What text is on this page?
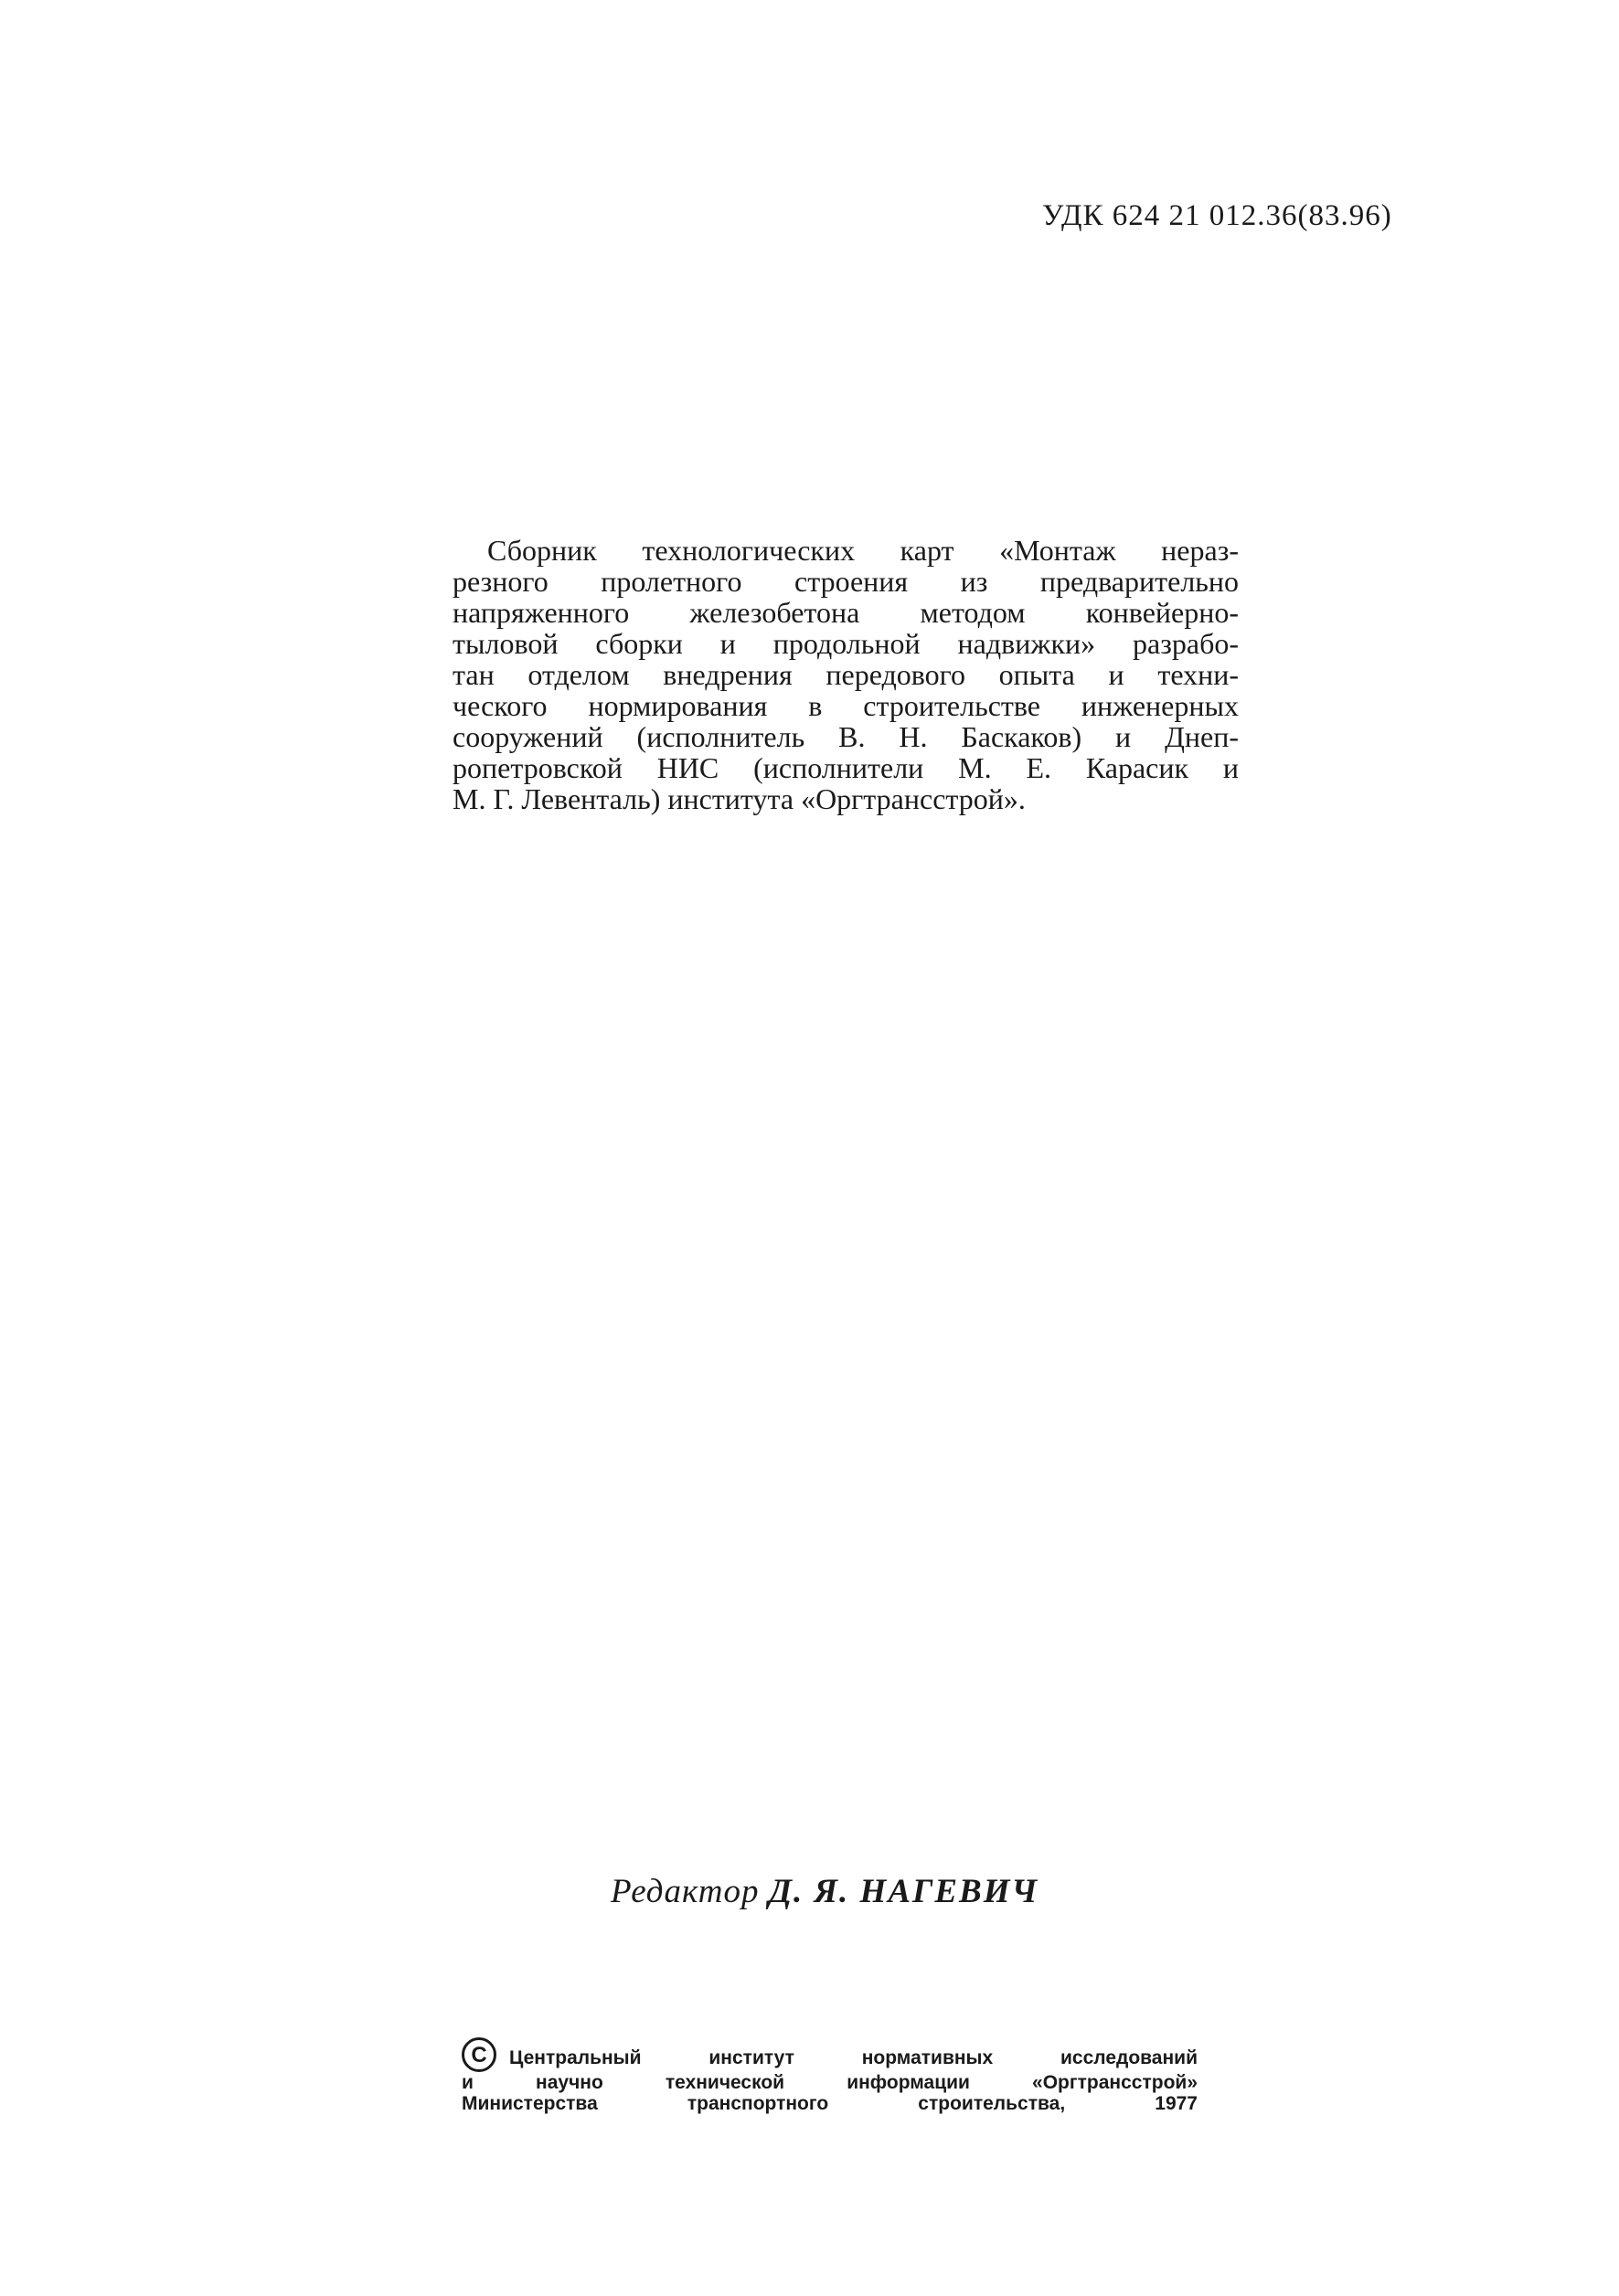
УДК 624 21 012.36(83.96)
Сборник технологических карт «Монтаж нераз-
резного пролетного строения из предварительно
напряженного железобетона методом конвейерно-
тыловой сборки и продольной надвижки» разрабо-
тан отделом внедрения передового опыта и техни-
ческого нормирования в строительстве инженерных
сооружений (исполнитель В. Н. Баскаков) и Днеп-
ропетровской НИС (исполнители М. Е. Карасик и
М. Г. Левенталь) института «Оргтрансстрой».
Редактор Д. Я. НАГЕВИЧ
C	Центральный институт нормативных исследований
и научно технической информации «Оргтрансстрой»
Министерства транспортного строительства, 1977
